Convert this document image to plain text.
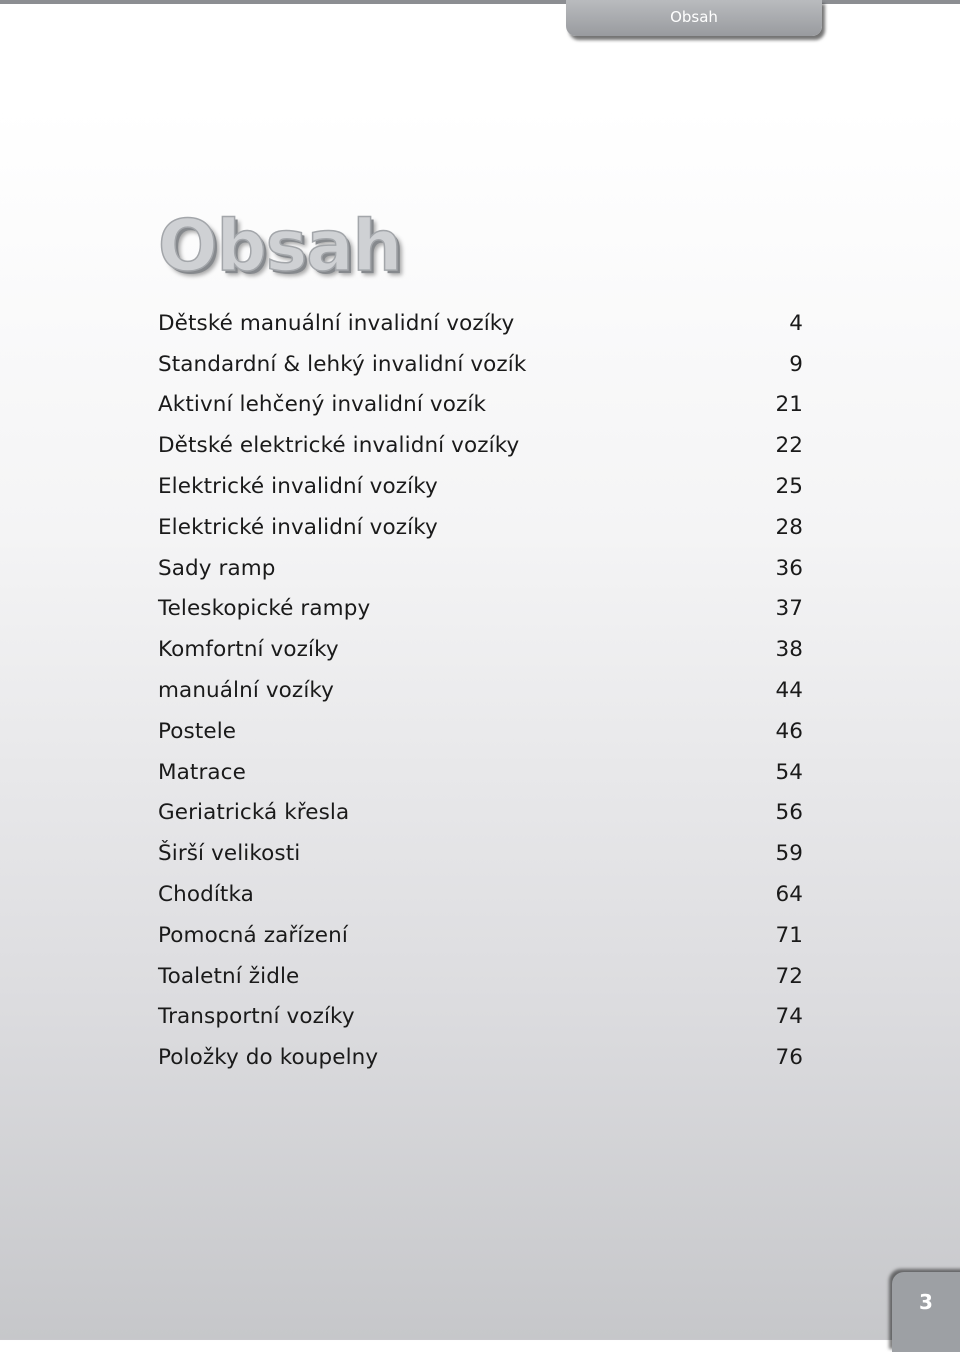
Obsah
Obsah
Dětské manuální invalidní vozíky	4
Standardní & lehký invalidní vozík	9
Aktivní lehčený invalidní vozík	21
Dětské elektrické invalidní vozíky	22
Elektrické invalidní vozíky	25
Elektrické invalidní vozíky	28
Sady ramp	36
Teleskopické rampy	37
Komfortní vozíky	38
manuální vozíky	44
Postele	46
Matrace	54
Geriatrická křesla	56
Širší velikosti	59
Chodítka	64
Pomocná zařízení	71
Toaletní židle	72
Transportní vozíky	74
Položky do koupelny	76
3
